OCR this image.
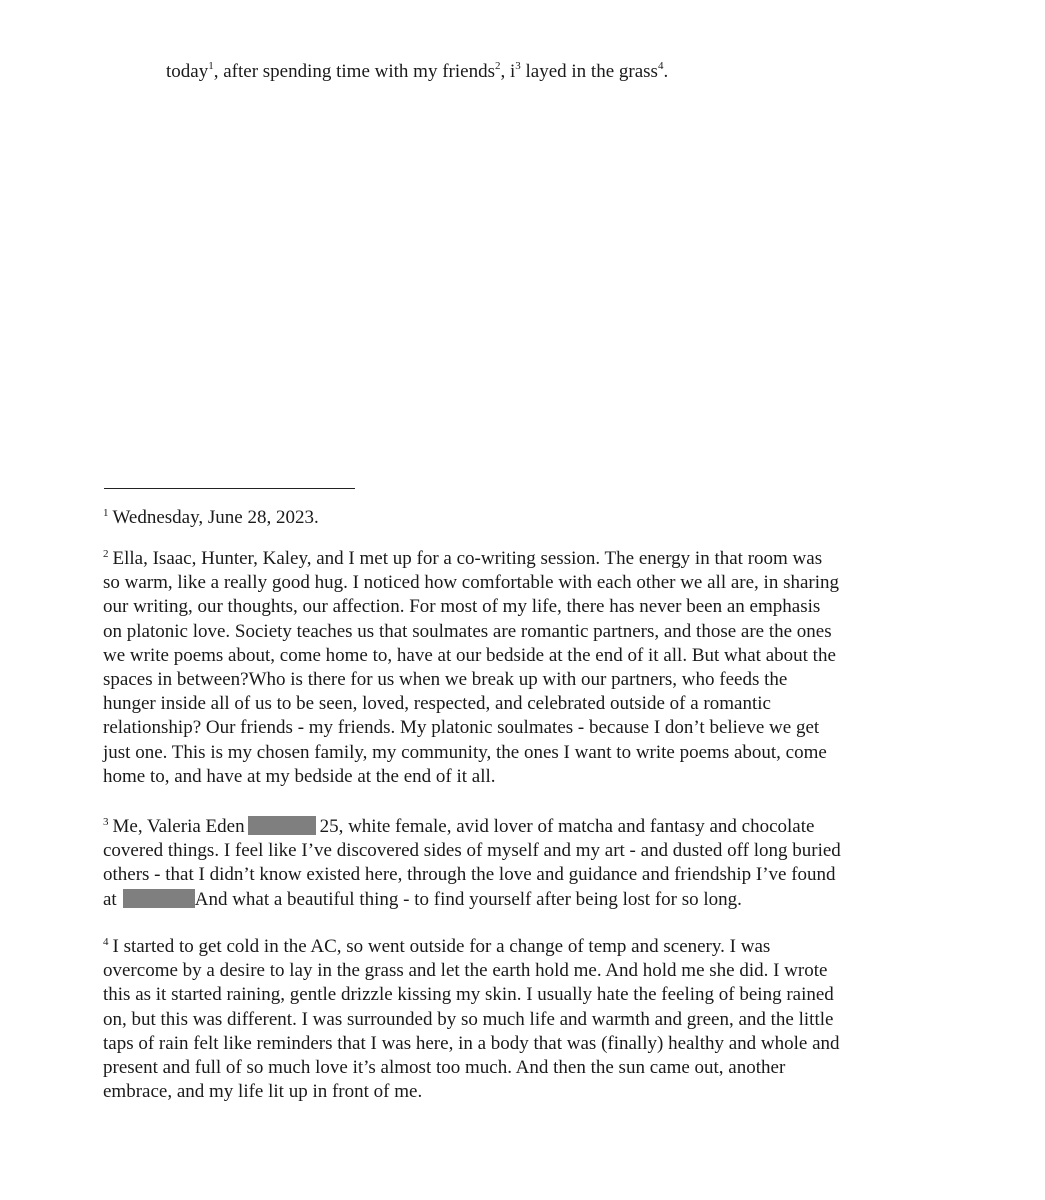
today$^1$, after spending time with my friends$^2$, $i^3$ layed in the grass$^4$.
$^1$ Wednesday, June 28, 2023.
$^2$ Ella, Isaac, Hunter, Kaley, and I met up for a co-writing session. The energy in that room was
so warm, like a really good hug. I noticed how comfortable with each other we all are, in sharing
our writing, our thoughts, our affection. For most of my life, there has never been an emphasis
on platonic love. Society teaches us that soulmates are romantic partners, and those are the ones
we write poems about, come home to, have at our bedside at the end of it all. But what about the
spaces in between?Who is there for us when we break up with our partners, who feeds the
hunger inside all of us to be seen, loved, respected, and celebrated outside of a romantic
relationship? Our friends - my friends. My platonic soulmates - because I don’t believe we get
just one. This is my chosen family, my community, the ones I want to write poems about, come
home to, and have at my bedside at the end of it all.
$^3$ Me, Valeria Eden	25, white female, avid lover of matcha and fantasy and chocolate
covered things. I feel like I’ve discovered sides of myself and my art - and dusted off long buried
others - that I didn’t know existed here, through the love and guidance and friendship I’ve found
at	And what a beautiful thing - to find yourself after being lost for so long.
$^4$ I started to get cold in the AC, so went outside for a change of temp and scenery. I was
overcome by a desire to lay in the grass and let the earth hold me. And hold me she did. I wrote
this as it started raining, gentle drizzle kissing my skin. I usually hate the feeling of being rained
on, but this was different. I was surrounded by so much life and warmth and green, and the little
taps of rain felt like reminders that I was here, in a body that was (finally) healthy and whole and
present and full of so much love it’s almost too much. And then the sun came out, another
embrace, and my life lit up in front of me.
